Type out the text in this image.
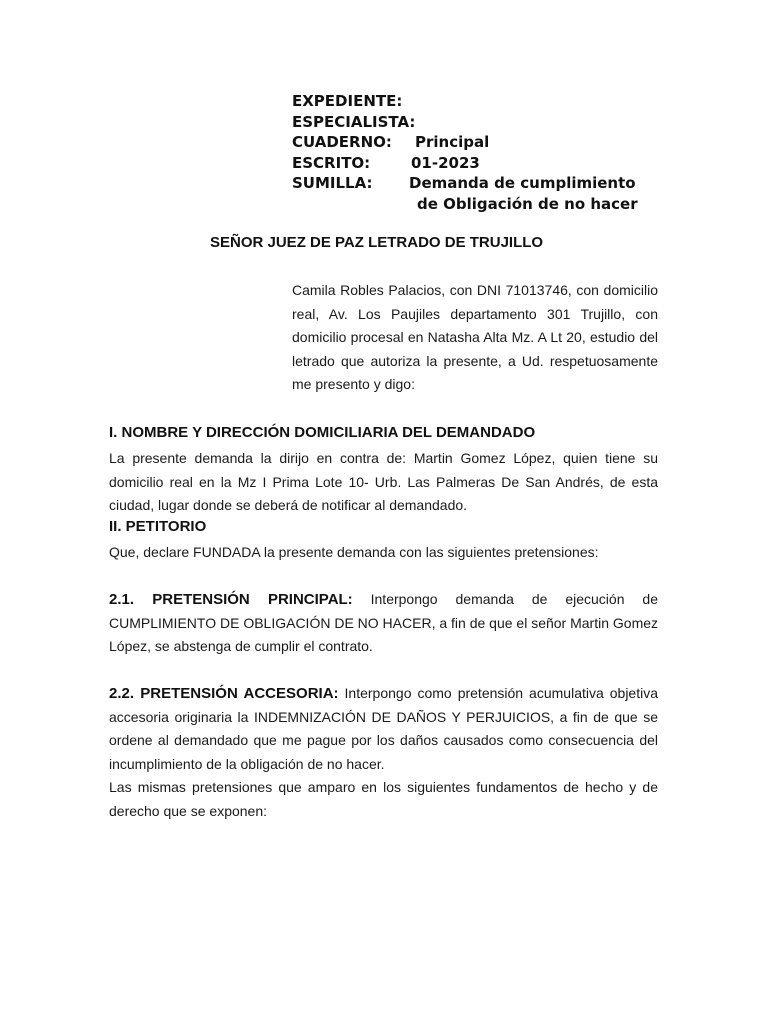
EXPEDIENTE:
ESPECIALISTA:
CUADERNO: Principal
ESCRITO:	01-2023
SUMILLA: Demanda de cumplimiento
de Obligación de no hacer
SEÑOR JUEZ DE PAZ LETRADO DE TRUJILLO
Camila Robles Palacios, con DNI 71013746, con domicilio
real, Av. Los Paujiles departamento 301 Trujillo, con
domicilio procesal en Natasha Alta Mz. A Lt 20, estudio del
letrado que autoriza la presente, a Ud. respetuosamente
me presento y digo:
I. NOMBRE Y DIRECCIÓN DOMICILIARIA DEL DEMANDADO
La presente demanda la dirijo en contra de: Martin Gomez López, quien tiene su
domicilio real en la Mz I Prima Lote 10- Urb. Las Palmeras De San Andrés, de esta
ciudad, lugar donde se deberá de notificar al demandado.
II. PETITORIO
Que, declare FUNDADA la presente demanda con las siguientes pretensiones:
2.1. PRETENSIÓN PRINCIPAL: Interpongo demanda de ejecución de
CUMPLIMIENTO DE OBLIGACIÓN DE NO HACER, a fin de que el señor Martin Gomez
López, se abstenga de cumplir el contrato.
2.2. PRETENSIÓN ACCESORIA: Interpongo como pretensión acumulativa objetiva
accesoria originaria la INDEMNIZACIÓN DE DAÑOS Y PERJUICIOS, a fin de que se
ordene al demandado que me pague por los daños causados como consecuencia del
incumplimiento de la obligación de no hacer.
Las mismas pretensiones que amparo en los siguientes fundamentos de hecho y de
derecho que se exponen:
